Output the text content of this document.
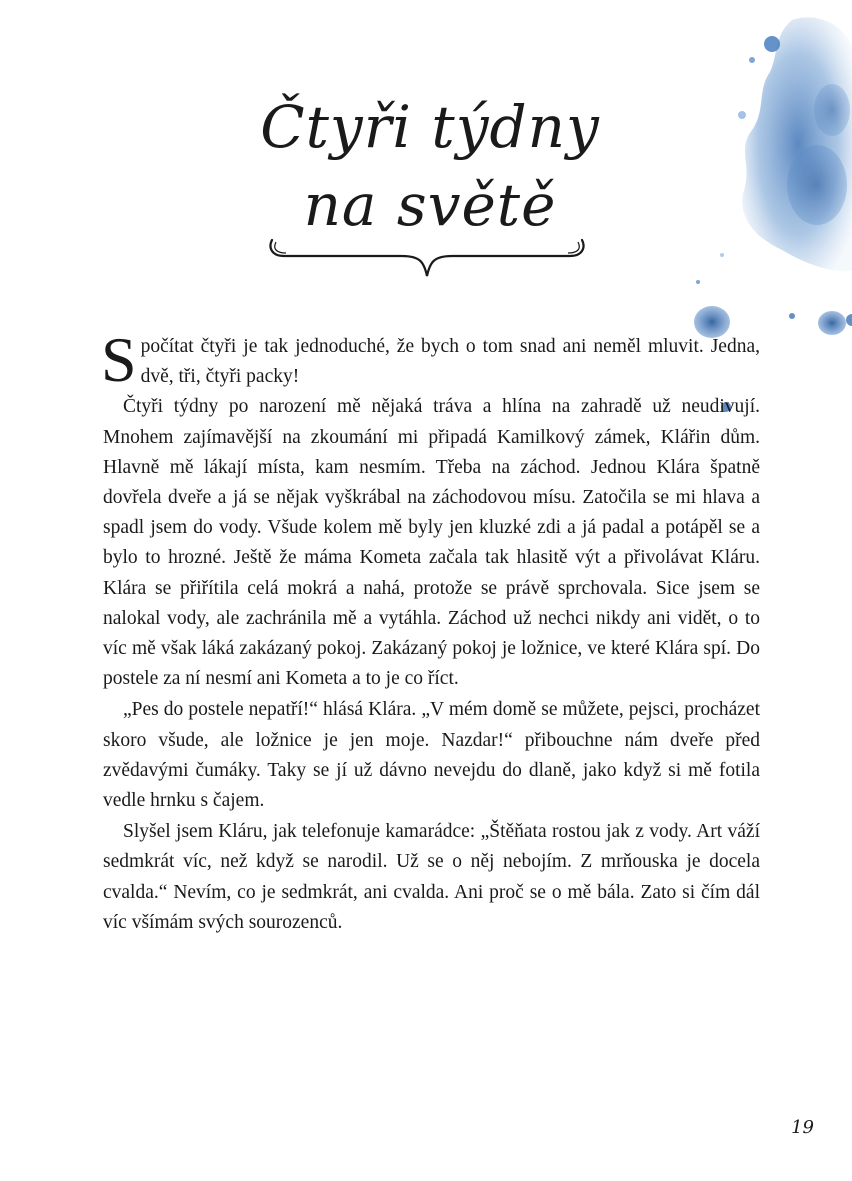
Čtyři týdny
na světě

Spočítat čtyři je tak jednoduché, že bych o tom snad ani neměl mluvit. Jedna, dvě, tři, čtyři packy!

Čtyři týdny po narození mě nějaká tráva a hlína na zahradě už neudivují. Mnohem zajímavější na zkoumání mi připadá Kamilkový zámek, Klářin dům. Hlavně mě lákají místa, kam nesmím. Třeba na záchod. Jednou Klára špatně dovřela dveře a já se nějak vyškrábal na záchodovou mísu. Zatočila se mi hlava a spadl jsem do vody. Všude kolem mě byly jen kluzké zdi a já padal a potápěl se a bylo to hrozné. Ještě že máma Kometa začala tak hlasitě výt a přivolávat Kláru. Klára se přiřítila celá mokrá a nahá, protože se právě sprchovala. Sice jsem se nalokal vody, ale zachránila mě a vytáhla. Záchod už nechci nikdy ani vidět, o to víc mě však láká zakázaný pokoj. Zakázaný pokoj je ložnice, ve které Klára spí. Do postele za ní nesmí ani Kometa a to je co říct.

„Pes do postele nepatří!“ hlásá Klára. „V mém domě se můžete, pejsci, procházet skoro všude, ale ložnice je jen moje. Nazdar!“ přibouchne nám dveře před zvědavými čumáky. Taky se jí už dávno nevejdu do dlaně, jako když si mě fotila vedle hrnku s čajem.

Slyšel jsem Kláru, jak telefonuje kamarádce: „Štěňata rostou jak z vody. Art váží sedmkrát víc, než když se narodil. Už se o něj nebojím. Z mrňouska je docela cvalda.“ Nevím, co je sedmkrát, ani cvalda. Ani proč se o mě bála. Zato si čím dál víc všímám svých sourozenců.

19
